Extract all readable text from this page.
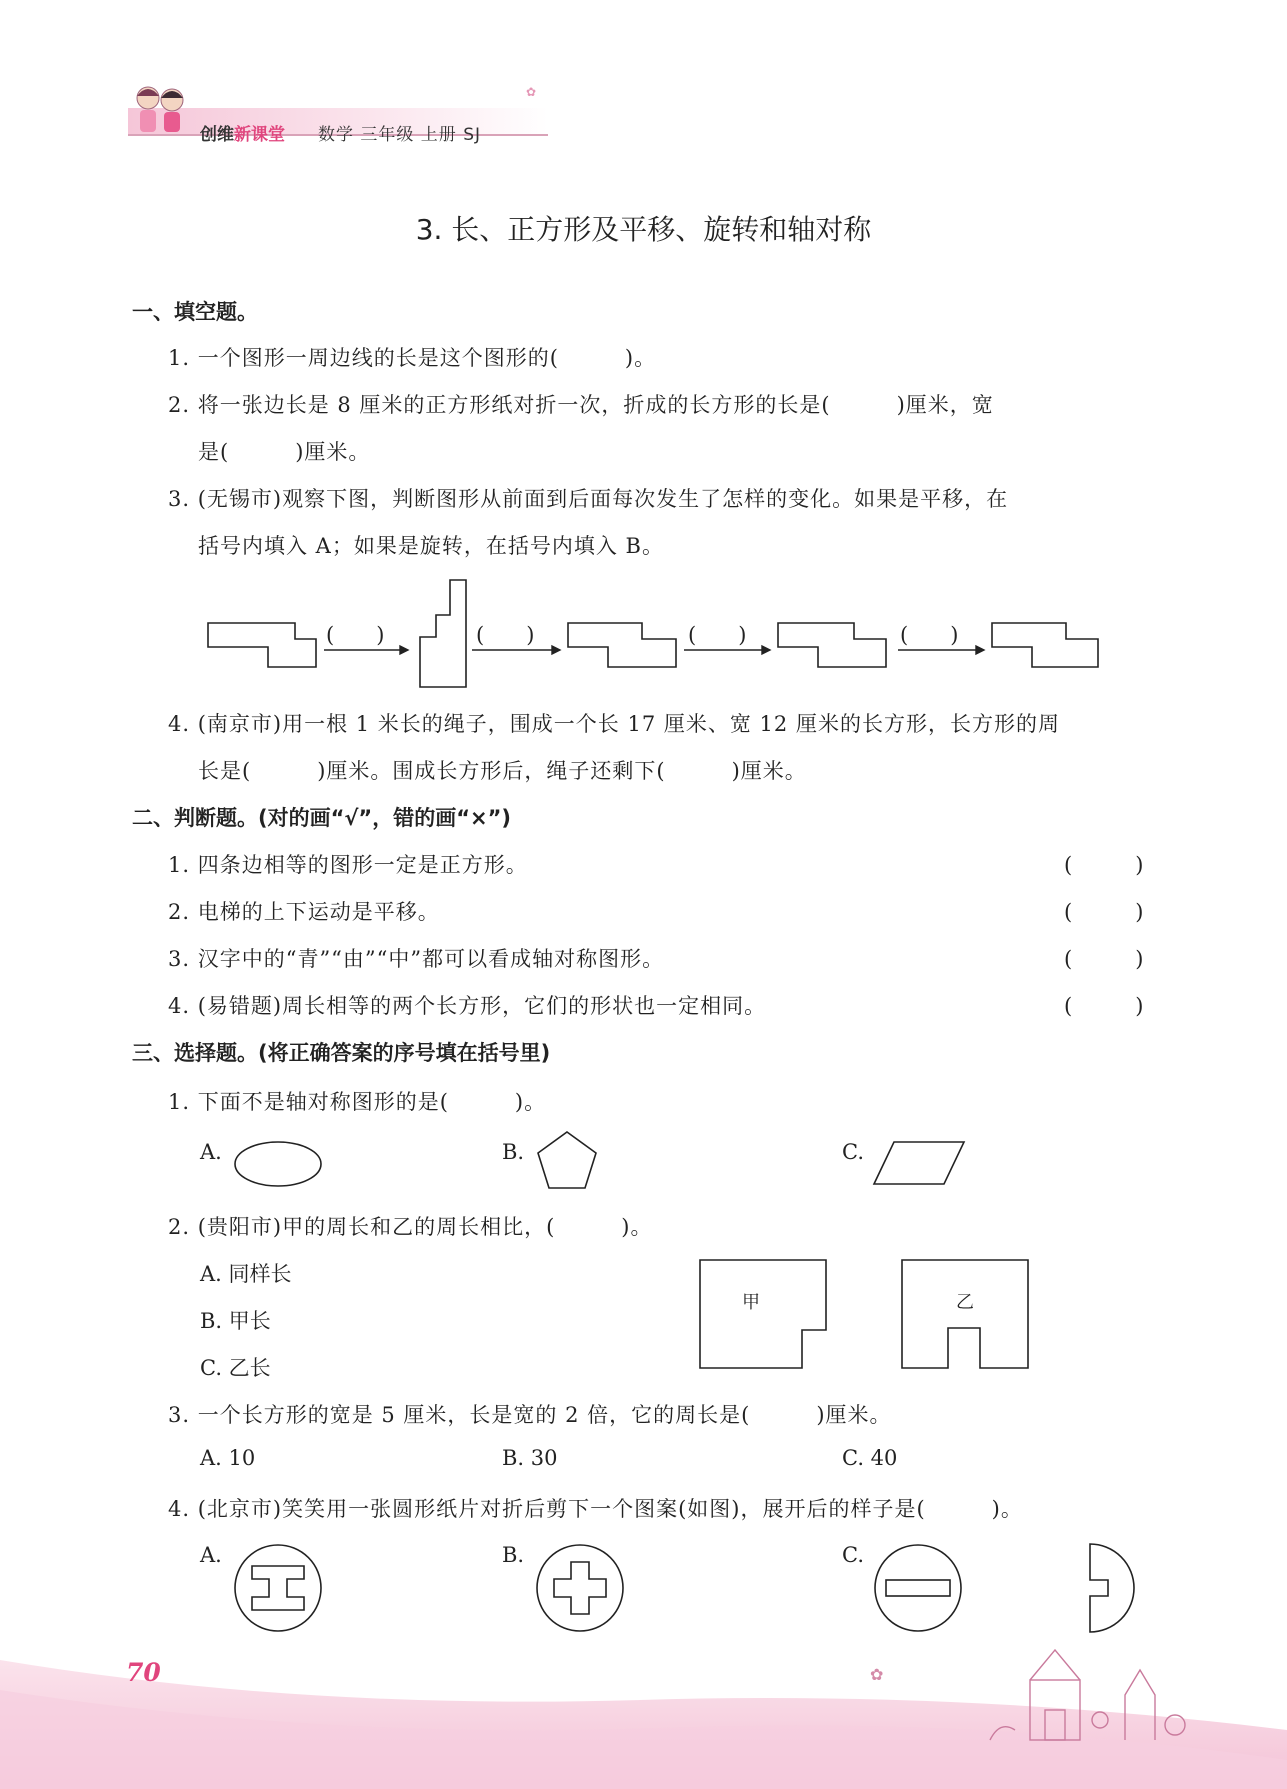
✿
创维新课堂 数学 三年级 上册 SJ
3. 长、正方形及平移、旋转和轴对称
一、填空题。
1. 一个图形一周边线的长是这个图形的(　　　)。
2. 将一张边长是 8 厘米的正方形纸对折一次，折成的长方形的长是(　　　)厘米，宽
是(　　　)厘米。
3. (无锡市)观察下图，判断图形从前面到后面每次发生了怎样的变化。如果是平移，在
括号内填入 A；如果是旋转，在括号内填入 B。
(　　)	(　　)	(　　)	(　　)
4. (南京市)用一根 1 米长的绳子，围成一个长 17 厘米、宽 12 厘米的长方形，长方形的周
长是(　　　)厘米。围成长方形后，绳子还剩下(　　　)厘米。
二、判断题。(对的画“√”，错的画“×”)
1. 四条边相等的图形一定是正方形。	(　　　)
2. 电梯的上下运动是平移。	(　　　)
3. 汉字中的“青”“由”“中”都可以看成轴对称图形。	(　　　)
4. (易错题)周长相等的两个长方形，它们的形状也一定相同。	(　　　)
三、选择题。(将正确答案的序号填在括号里)
1. 下面不是轴对称图形的是(　　　)。
A.	B.	C.
2. (贵阳市)甲的周长和乙的周长相比，(　　　)。
A. 同样长
B. 甲长
C. 乙长
甲	乙
3. 一个长方形的宽是 5 厘米，长是宽的 2 倍，它的周长是(　　　)厘米。
A. 10	B. 30	C. 40
4. (北京市)笑笑用一张圆形纸片对折后剪下一个图案(如图)，展开后的样子是(　　　)。
A.	B.	C.
✿
70
